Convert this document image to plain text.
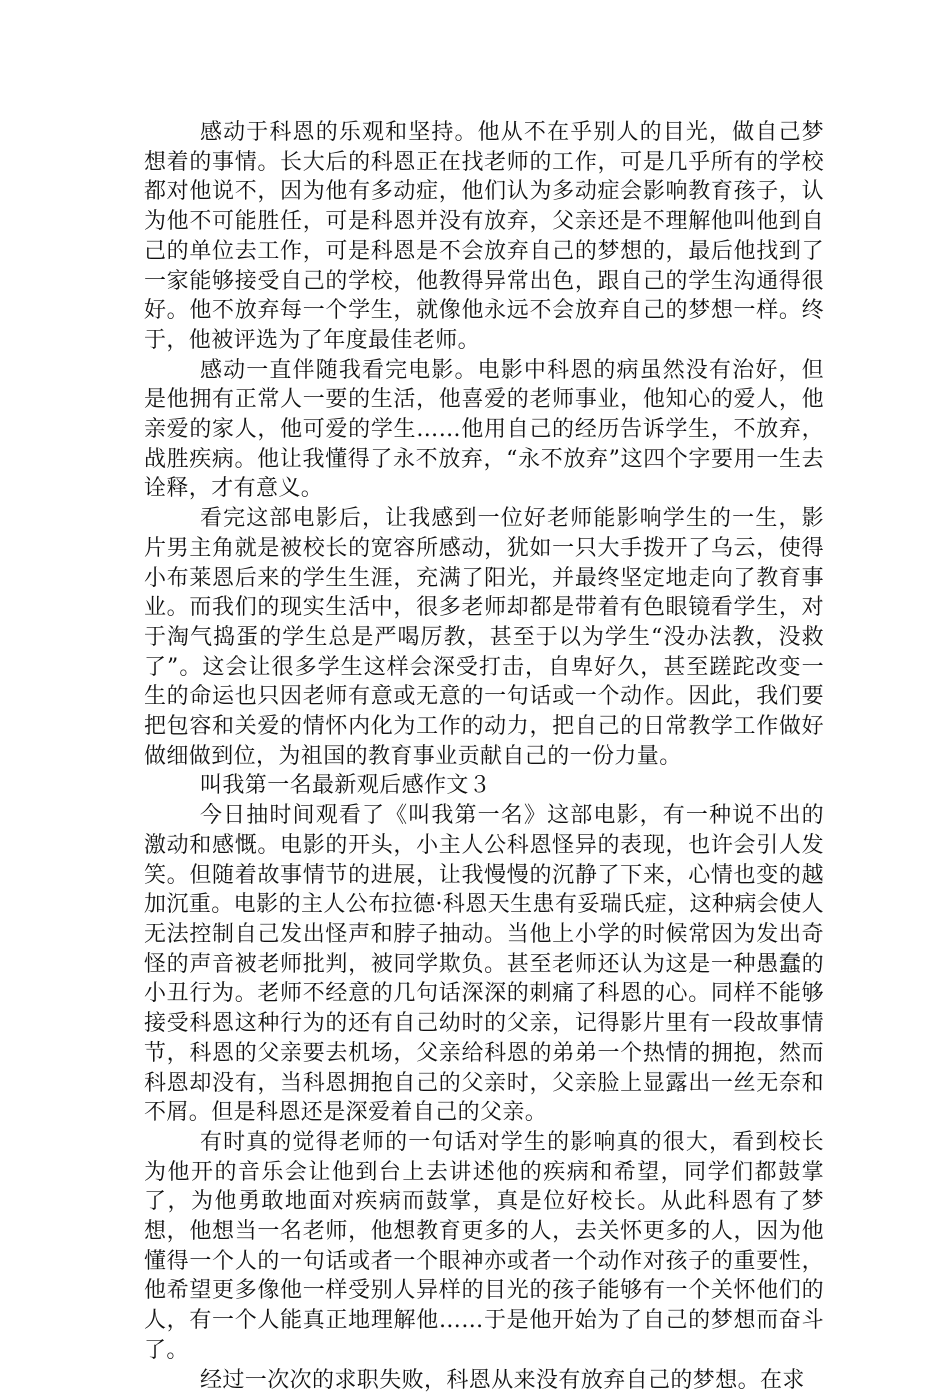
感动于科恩的乐观和坚持。他从不在乎别人的目光，做自己梦想着的事情。长大后的科恩正在找老师的工作，可是几乎所有的学校都对他说不，因为他有多动症，他们认为多动症会影响教育孩子，认为他不可能胜任，可是科恩并没有放弃，父亲还是不理解他叫他到自己的单位去工作，可是科恩是不会放弃自己的梦想的，最后他找到了一家能够接受自己的学校，他教得异常出色，跟自己的学生沟通得很好。他不放弃每一个学生，就像他永远不会放弃自己的梦想一样。终于，他被评选为了年度最佳老师。

感动一直伴随我看完电影。电影中科恩的病虽然没有治好，但是他拥有正常人一要的生活，他喜爱的老师事业，他知心的爱人，他亲爱的家人，他可爱的学生……他用自己的经历告诉学生，不放弃，战胜疾病。他让我懂得了永不放弃，“永不放弃”这四个字要用一生去诠释，才有意义。

看完这部电影后，让我感到一位好老师能影响学生的一生，影片男主角就是被校长的宽容所感动，犹如一只大手拨开了乌云，使得小布莱恩后来的学生生涯，充满了阳光，并最终坚定地走向了教育事业。而我们的现实生活中，很多老师却都是带着有色眼镜看学生，对于淘气捣蛋的学生总是严喝厉教，甚至于以为学生“没办法教，没救了”。这会让很多学生这样会深受打击，自卑好久，甚至蹉跎改变一生的命运也只因老师有意或无意的一句话或一个动作。因此，我们要把包容和关爱的情怀内化为工作的动力，把自己的日常教学工作做好做细做到位，为祖国的教育事业贡献自己的一份力量。

叫我第一名最新观后感作文３

今日抽时间观看了《叫我第一名》这部电影，有一种说不出的激动和感慨。电影的开头，小主人公科恩怪异的表现，也许会引人发笑。但随着故事情节的进展，让我慢慢的沉静了下来，心情也变的越加沉重。电影的主人公布拉德·科恩天生患有妥瑞氏症，这种病会使人无法控制自己发出怪声和脖子抽动。当他上小学的时候常因为发出奇怪的声音被老师批判，被同学欺负。甚至老师还认为这是一种愚蠢的小丑行为。老师不经意的几句话深深的刺痛了科恩的心。同样不能够接受科恩这种行为的还有自己幼时的父亲，记得影片里有一段故事情节，科恩的父亲要去机场，父亲给科恩的弟弟一个热情的拥抱，然而科恩却没有，当科恩拥抱自己的父亲时，父亲脸上显露出一丝无奈和不屑。但是科恩还是深爱着自己的父亲。

有时真的觉得老师的一句话对学生的影响真的很大，看到校长为他开的音乐会让他到台上去讲述他的疾病和希望，同学们都鼓掌了，为他勇敢地面对疾病而鼓掌，真是位好校长。从此科恩有了梦想，他想当一名老师，他想教育更多的人，去关怀更多的人，因为他懂得一个人的一句话或者一个眼神亦或者一个动作对孩子的重要性，他希望更多像他一样受别人异样的目光的孩子能够有一个关怀他们的人，有一个人能真正地理解他……于是他开始为了自己的梦想而奋斗了。

经过一次次的求职失败，科恩从来没有放弃自己的梦想。在求
